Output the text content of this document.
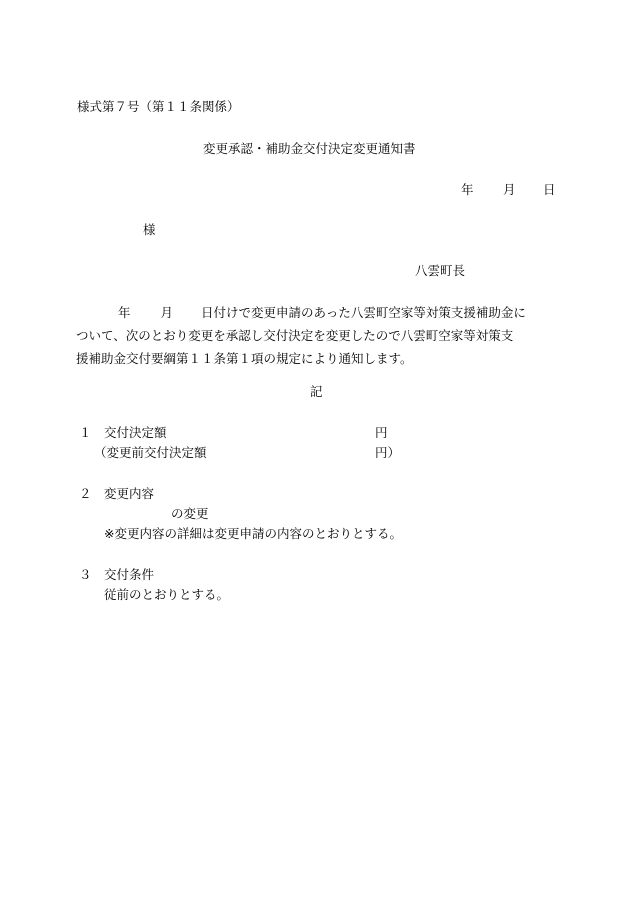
様式第７号（第１１条関係）
変更承認・補助金交付決定変更通知書
年 月 日
様
八雲町長

年 月 日付けで変更申請のあった八雲町空家等対策支援補助金に

ついて、次のとおり変更を承認し交付決定を変更したので八雲町空家等対策支

援補助金交付要綱第１１条第１項の規定により通知します。

記
１ 交付決定額	円
（変更前交付決定額	円）
２ 変更内容
の変更
※変更内容の詳細は変更申請の内容のとおりとする。
３ 交付条件
従前のとおりとする。
